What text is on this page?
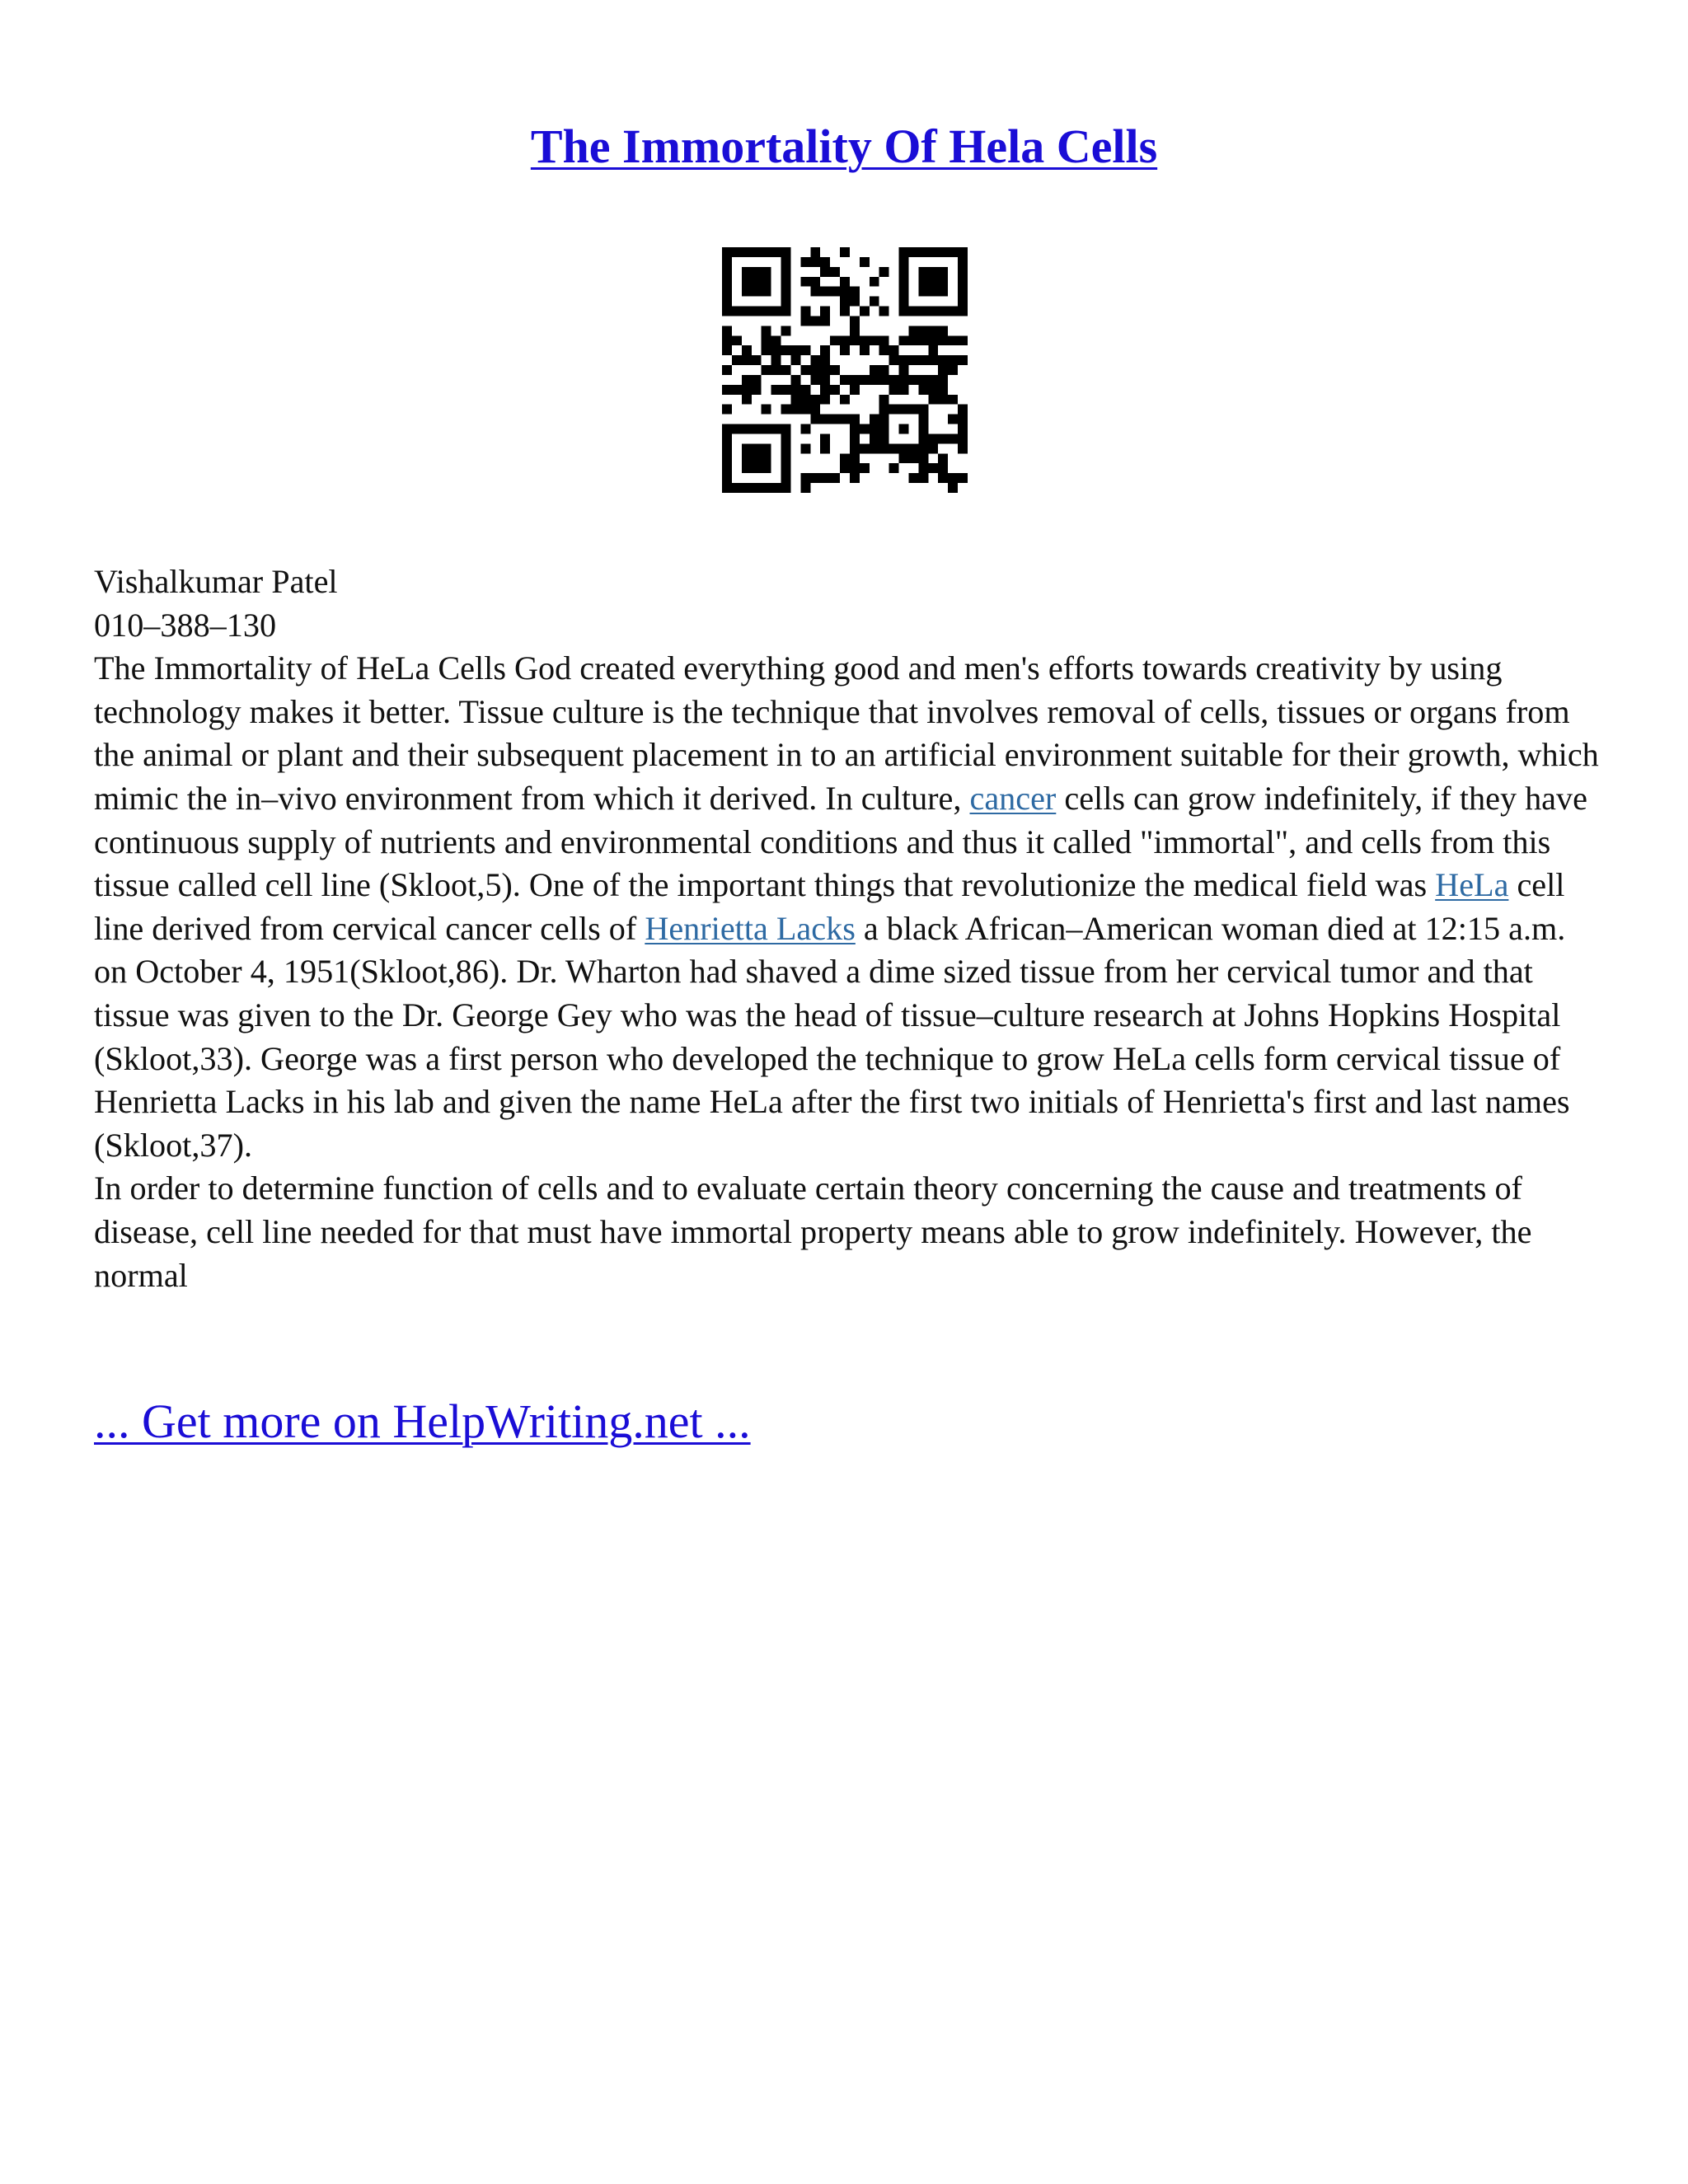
The Immortality Of Hela Cells

Vishalkumar Patel

010–388–130

The Immortality of HeLa Cells God created everything good and men's efforts towards creativity by using technology makes it better. Tissue culture is the technique that involves removal of cells, tissues or organs from the animal or plant and their subsequent placement in to an artificial environment suitable for their growth, which mimic the in–vivo environment from which it derived. In culture, cancer cells can grow indefinitely, if they have continuous supply of nutrients and environmental conditions and thus it called "immortal", and cells from this tissue called cell line (Skloot,5). One of the important things that revolutionize the medical field was HeLa cell line derived from cervical cancer cells of Henrietta Lacks a black African–American woman died at 12:15 a.m. on October 4, 1951(Skloot,86). Dr. Wharton had shaved a dime sized tissue from her cervical tumor and that tissue was given to the Dr. George Gey who was the head of tissue–culture research at Johns Hopkins Hospital (Skloot,33). George was a first person who developed the technique to grow HeLa cells form cervical tissue of Henrietta Lacks in his lab and given the name HeLa after the first two initials of Henrietta's first and last names (Skloot,37).

In order to determine function of cells and to evaluate certain theory concerning the cause and treatments of disease, cell line needed for that must have immortal property means able to grow indefinitely. However, the normal

... Get more on HelpWriting.net ...
